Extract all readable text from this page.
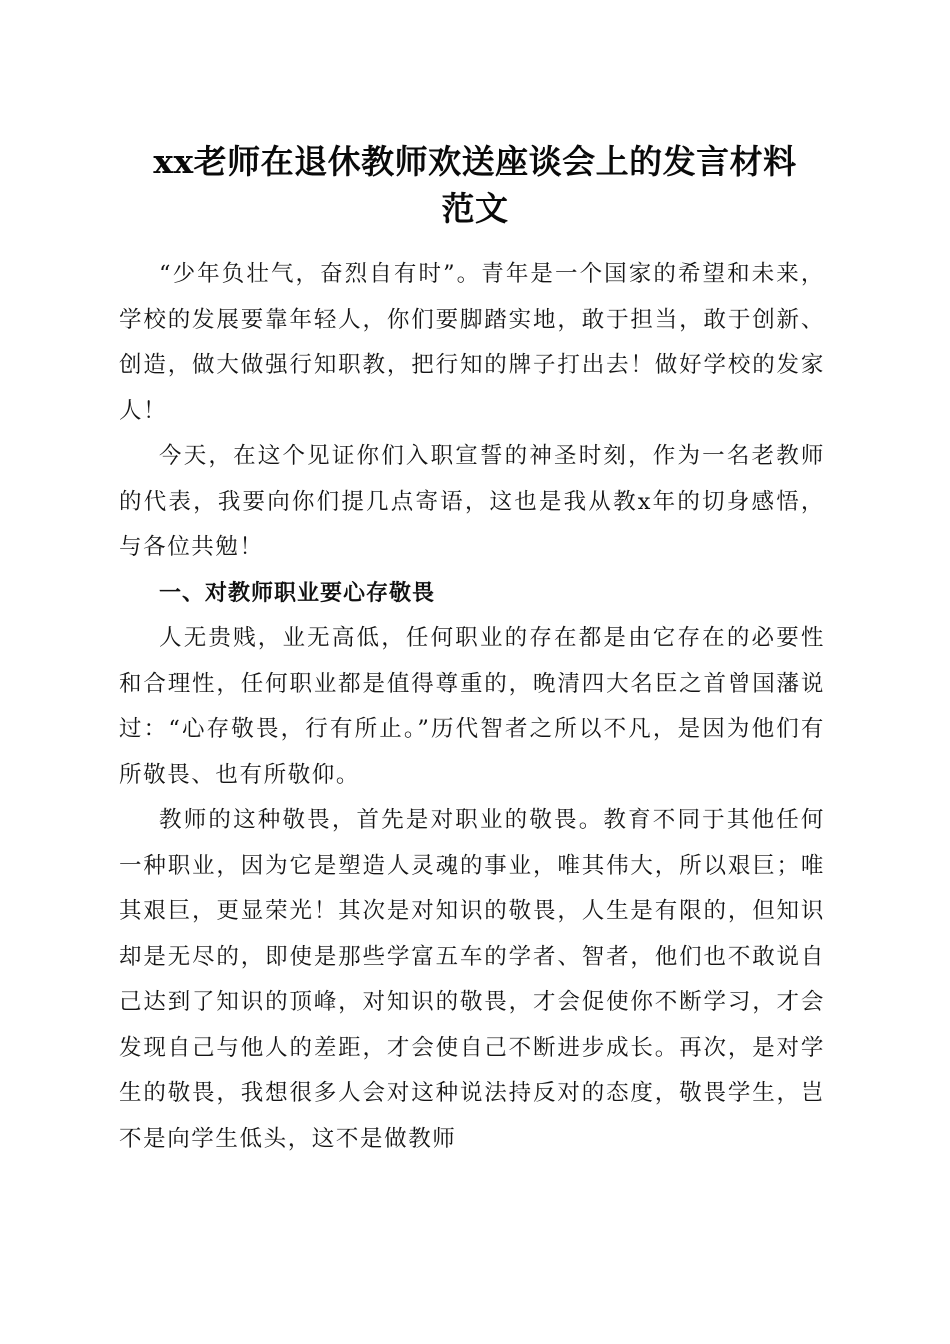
xx老师在退休教师欢送座谈会上的发言材料
范文

“少年负壮气，奋烈自有时”。青年是一个国家的希望和未来，学校的发展要靠年轻人，你们要脚踏实地，敢于担当，敢于创新、创造，做大做强行知职教，把行知的牌子打出去！做好学校的发家人！

今天，在这个见证你们入职宣誓的神圣时刻，作为一名老教师的代表，我要向你们提几点寄语，这也是我从教x年的切身感悟，与各位共勉！

一、对教师职业要心存敬畏

人无贵贱，业无高低，任何职业的存在都是由它存在的必要性和合理性，任何职业都是值得尊重的，晚清四大名臣之首曾国藩说过：“心存敬畏，行有所止。”历代智者之所以不凡，是因为他们有所敬畏、也有所敬仰。

教师的这种敬畏，首先是对职业的敬畏。教育不同于其他任何一种职业，因为它是塑造人灵魂的事业，唯其伟大，所以艰巨；唯其艰巨，更显荣光！其次是对知识的敬畏，人生是有限的，但知识却是无尽的，即使是那些学富五车的学者、智者，他们也不敢说自己达到了知识的顶峰，对知识的敬畏，才会促使你不断学习，才会发现自己与他人的差距，才会使自己不断进步成长。再次，是对学生的敬畏，我想很多人会对这种说法持反对的态度，敬畏学生，岂不是向学生低头，这不是做教师
